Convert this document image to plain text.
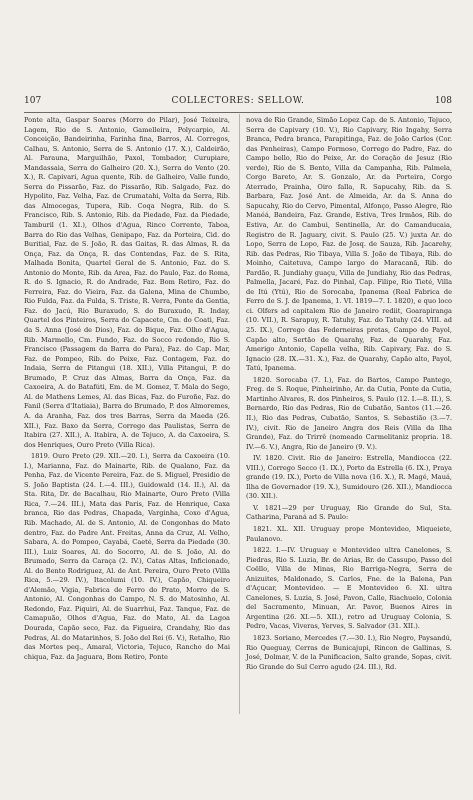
107	COLLECTORES: SELLOW.	108

Ponte alta, Gaspar Soares (Morro do Pilar), José Teixeira, Lagem, Rio de S. Antonio, Gamelleira, Polycarpio, Al. Conceição, Bandeirinha, Farinha fina, Barros, Al. Corregos, Calhau, S. Antonio, Serra de S. Antonio (17. X.), Caldeirão, Al. Parauna, Marguilhão, Paxol, Tombador, Curupiare, Mandassaia, Serra do Galheiro (20. X.), Serra do Vento (20. X.), R. Capivari, Agua quente, Rib. de Galheiro, Valle fundo, Serra do Pissarão, Faz. do Pissarão, Rib. Salgado, Faz. do Hypolito, Faz. Velha, Faz. de Crumatahi, Volta da Serra, Rib. das Almocegas, Tupera, Rib. Coqa Negra, Rib. do S. Francisco, Rib. S. Antonio, Rib. da Piedade, Faz. da Piedade, Tamburil (1. XI.), Olhos d'Agua, Rinco Corrente, Taboa, Barra do Rio das Velhas, Genipapo, Faz. da Porteira, Cid. do Buritial, Faz. de S. João, R. das Gaitas, R. das Almas, R. da Onça, Faz. da Onça, R. das Contendas, Faz. de S. Rita, Malhada Bonita, Quartel Geral de S. Antonio, Faz. do S. Antonio do Monte, Rib. da Area, Faz. do Paulo, Faz. do Roma, R. do S. Ignacio, R. do Andrade, Faz. Bom Retiro, Faz. do Ferreira, Faz. do Vieira, Faz. da Galena, Mina de Chumbo, Rio Fulda, Faz. da Fulda, S. Triste, R. Verra, Ponte da Gentia, Faz. do Jacú, Rio Buraxudo, S. do Buraxudo, R. Inday, Quartel dos Pinteiros, Serra do Capacete, Cm. do Coati, Faz. da S. Anna (José de Dios), Faz. do Bique, Faz. Olho d'Agua, Rib. Marmello, Cm. Fundo, Faz. do Socco redondo, Rio S. Francisco (Passagem da Barra do Para), Faz. do Cap. Mar, Faz. de Pompeo, Rib. do Peixe, Faz. Contagem, Faz. do Indaia, Serra de Pitangui (18. XII.), Villa Pitangui, P. do Brumado, P. Cruz das Almas, Barra da Onça, Faz. da Caxoeira, A. do Batafúti, Em. de M. Gomez, T. Mala do Sego, Al. de Mathens Lemes, Al. das Bicas, Faz. do Furoñe, Faz. do Fanil (Serra d'Itatiaia), Barra do Brumado, P. dos Almoremes, A. da Aranha, Faz. dos tres Barras, Serra da Maeda (26. XII.), Faz. Baxo da Serra, Corrego das Paulistas, Serra de Itabira (27. XII.), A. Itabira, A. de Tejuco, A. da Caxoeira, S. dos Henriques, Ouro Preto (Villa Rica).

1819. Ouro Preto (29. XII.—20. I.), Serra da Caxoeira (10. I.), Marianna, Faz. do Mainarte, Rib. de Qualano, Faz. da Penha, Faz. de Vicente Pereira, Faz. de S. Miguel, Presidio de S. João Baptista (24. I.—4. III.), Guidowald (14. II.), Al. da Sta. Rita, Dr. de Bacalhau, Rio Mainarte, Ouro Preto (Villa Rica, 7.—24. III.), Mata das Paris, Faz. de Henrique, Caxa branca, Rio das Pedras, Chapada, Varginha, Coxo d'Agua, Rib. Machado, Al. de S. Antonio, Al. de Congonhas do Mato dentro, Faz. do Padre Ant. Freitas, Anna da Cruz, Al. Velho, Sabara, A. do Pompeo, Cayabá, Caeté, Serra da Piedade (30. III.), Luiz Soares, Al. do Socorro, Al. de S. João, Al. do Brumado, Serra da Caraça (2. IV.), Catas Altas, Inficionado, Al. do Bento Rodriguez, Al. de Ant. Pereira, Ouro Preto (Villa Rica, 5.—29. IV.), Itacolumi (10. IV.), Capão, Chiqueiro d'Alemão, Vigia, Fabrica de Ferro do Prato, Morro de S. Antonio, Al. Congonhas do Campo, N. S. do Matosinho, Al. Redondo, Faz. Piquiri, Al. de Suarrhui, Faz. Tanque, Faz. de Camapuão, Olhos d'Agua, Faz. do Mato, Al. da Lagoa Dourada, Capão seco, Faz. da Figueira, Crandahy, Rio das Pedras, Al. do Matarinhos, S. João del Rei (6. V.), Retalho, Rio das Mortes peq., Amaral, Victoria, Tejuco, Rancho do Mai chiqua, Faz. da Jaguara, Bom Retiro, Ponte

nova de Rio Grande, Simão Lopez Cap. de S. Antonio, Tejuco, Serra de Capivary (10. V.), Rio Capivary, Rio Ingahy, Serra Branca, Pedra branca, Parapitinga, Faz. de João Carlos (Cor. das Penheiras), Campo Formoso, Corrego do Padre, Faz. do Campo bello, Rio do Peixe, Ar. do Coração de Jesuz (Rio verde), Rio de S. Bento, Villa da Campanha, Rib. Palmela, Corgo Bareto, Ar. S. Gonzalo, Ar. da Porteira, Corgo Aterrado, Prainha, Oiro falla, R. Sapucahy, Rib. da S. Barbara, Faz. José Ant. de Almeida, Ar. da S. Anna do Sapucahy, Rio do Cervo, Pimental, Alfonço, Passo Alegre, Rio Manéá, Bandeira, Faz. Grande, Estiva, Tres Irmãos, Rib. do Estiva, Ar. do Cambui, Sentinella, Ar. do Camanducaia, Registro de R. Jaguary, civit. S. Paulo (25. V.) juxta Ar. do Lopo, Serra de Lopo, Faz. de Josq. de Sauza, Rib. Jacarehy, Rib. das Pedras, Rio Tibaya, Villa S. João de Tibaya, Rib. do Moinho, Caitetuva, Campo largo do Maracanã, Rib. do Pardão, R. Jundiahy guaçu, Villa de Jundiahy, Rio das Pedras, Palmella, Jacaré, Faz. do Pinhal, Cap. Filipe, Rio Tieté, Villa de Itú (Ytú), Rio de Sorocaba, Ipanema (Real Fabrica de Ferro de S. J. de Ipanema, 1. VI. 1819—7. I. 1820), e quo loco ci. Olfers ad capitalem Rio de Janeiro rediit, Goarapiranga (10. VII.), R. Sarapuy, R. Tatuhy, Faz. do Tatuhy (24. VIII. ad 25. IX.), Corrego das Federneiras pretas, Campo do Payol, Capão alto, Sertão de Quarahy, Faz. de Quarahy, Faz. Amerigo Antonio, Capella velha, Rib. Capivary, Faz. do S. Ignacio (28. IX.—31. X.), Faz. de Quarahy, Capão alto, Payol, Tatú, Ipanema.

1820. Sorocaba (7. I.), Faz. do Bartos, Campo Pantego, Freg. de S. Roque, Pinheirinho, Ar. da Cutia, Ponte da Cutia, Martinho Alvares, R. dos Pinheiros, S. Paulo (12. I.—8. II.), S. Bernardo, Rio das Pedras, Rio de Cubatão, Santos (11.—26. II.), Rio das Pedras, Cubatão, Santos, S. Sebastião (3.—7. IV.), civit. Rio de Janeiro Angra dos Reis (Villa da Ilha Grande), Faz. do Trirrê (nomeado Carmelitaniz propria. 18. IV.—6. V.), Angra, Rio de Janeiro (9. V.).

IV. 1820. Civit. Rio de Janeiro: Estrella, Mandiocca (22. VIII.), Corrego Secco (1. IX.), Porto da Estrella (6. IX.), Praya grande (19. IX.), Porto de Villa nova (16. X.), R. Magé, Mauá, Ilha de Governador (19. X.), Sumidouro (26. XII.), Mandiocca (30. XII.).

V. 1821—29 per Uruguay, Rio Grande do Sul, Sta. Catharina, Paraná ad S. Paulo:

1821. XL. XII. Uruguay prope Montevideo, Miqueiete, Paulanovo.

1822. I.—IV. Uruguay e Montevideo ultra Canelones, S. Piedras, Rio S. Luzia, Br. de Arias, Br. de Cassupo, Passo del Coëllo, Villa de Minas, Rio Barriga-Negra, Serra de Anizuites, Maldonado, S. Carlos, Fne. de la Balena, Pan d'Açucar, Montevideo. — E Montevideo 6. XI. ultra Canelones, S. Luzia, S. José, Pavon, Calle, Riachuelo, Colonia del Sacramento, Minuan, Ar. Pavor, Buenos Aires in Argentina (26. XI.—5. XII.), retro ad Uruguay Colonia, S. Pedro, Vacas, Viveras, Yerves, S. Salvador (31. XII.).

1823. Soriano, Mercedes (7.—30. I.), Rio Negro, Paysandú, Rio Queguay, Cerras de Bunicajupi, Rincon de Gallinas, S. José, Dolmar, V. de la Punificacion, Salto grande, Sopas, civit. Rio Grande do Sul Cerro agudo (24. III.), Rd.
